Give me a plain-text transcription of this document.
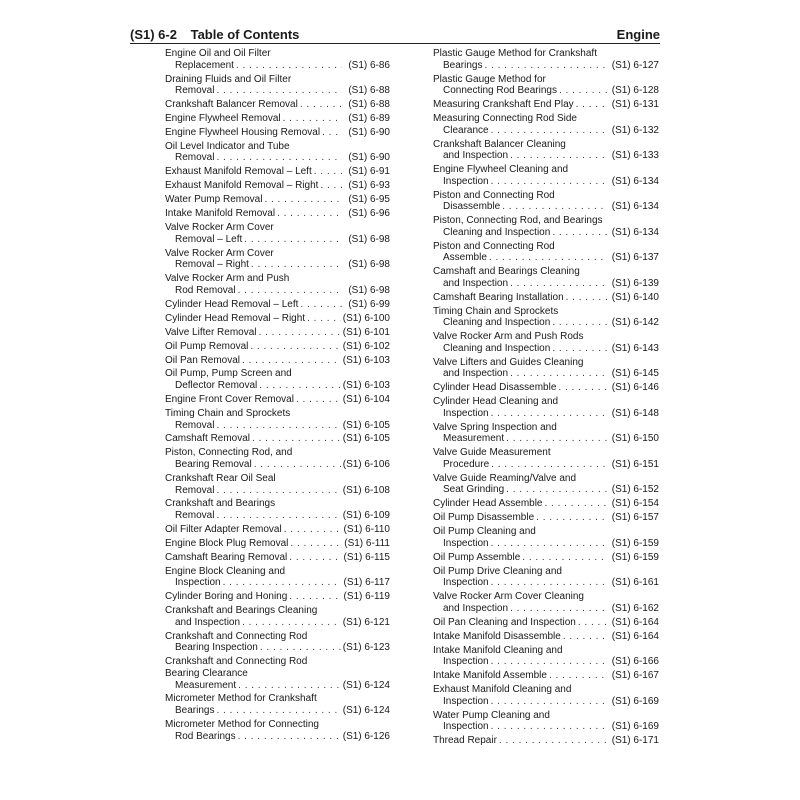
(S1) 6-2 Table of Contents	Engine
Engine Oil and Oil Filter
Replacement . . .	(S1) 6-86
Draining Fluids and Oil Filter
Removal . . .	(S1) 6-88
Crankshaft Balancer Removal . . .	(S1) 6-88
Engine Flywheel Removal . . .	(S1) 6-89
Engine Flywheel Housing Removal . . .	(S1) 6-90
Oil Level Indicator and Tube
Removal . . .	(S1) 6-90
Exhaust Manifold Removal – Left . . .	(S1) 6-91
Exhaust Manifold Removal – Right . . .	(S1) 6-93
Water Pump Removal . . .	(S1) 6-95
Intake Manifold Removal . . .	(S1) 6-96
Valve Rocker Arm Cover
Removal – Left . . .	(S1) 6-98
Valve Rocker Arm Cover
Removal – Right . . .	(S1) 6-98
Valve Rocker Arm and Push
Rod Removal . . .	(S1) 6-98
Cylinder Head Removal – Left . . .	(S1) 6-99
Cylinder Head Removal – Right . . .	(S1) 6-100
Valve Lifter Removal . . .	(S1) 6-101
Oil Pump Removal . . .	(S1) 6-102
Oil Pan Removal . . .	(S1) 6-103
Oil Pump, Pump Screen and
Deflector Removal . . .	(S1) 6-103
Engine Front Cover Removal . . .	(S1) 6-104
Timing Chain and Sprockets
Removal . . .	(S1) 6-105
Camshaft Removal . . .	(S1) 6-105
Piston, Connecting Rod, and
Bearing Removal . . .	(S1) 6-106
Crankshaft Rear Oil Seal
Removal . . .	(S1) 6-108
Crankshaft and Bearings
Removal . . .	(S1) 6-109
Oil Filter Adapter Removal . . .	(S1) 6-110
Engine Block Plug Removal . . .	(S1) 6-111
Camshaft Bearing Removal . . .	(S1) 6-115
Engine Block Cleaning and
Inspection . . .	(S1) 6-117
Cylinder Boring and Honing . . .	(S1) 6-119
Crankshaft and Bearings Cleaning
and Inspection . . .	(S1) 6-121
Crankshaft and Connecting Rod
Bearing Inspection . . .	(S1) 6-123
Crankshaft and Connecting Rod
Bearing Clearance
Measurement . . .	(S1) 6-124
Micrometer Method for Crankshaft
Bearings . . .	(S1) 6-124
Micrometer Method for Connecting
Rod Bearings . . .	(S1) 6-126
Plastic Gauge Method for Crankshaft
Bearings . . .	(S1) 6-127
Plastic Gauge Method for
Connecting Rod Bearings . . .	(S1) 6-128
Measuring Crankshaft End Play . . .	(S1) 6-131
Measuring Connecting Rod Side
Clearance . . .	(S1) 6-132
Crankshaft Balancer Cleaning
and Inspection . . .	(S1) 6-133
Engine Flywheel Cleaning and
Inspection . . .	(S1) 6-134
Piston and Connecting Rod
Disassemble . . .	(S1) 6-134
Piston, Connecting Rod, and Bearings
Cleaning and Inspection . . .	(S1) 6-134
Piston and Connecting Rod
Assemble . . .	(S1) 6-137
Camshaft and Bearings Cleaning
and Inspection . . .	(S1) 6-139
Camshaft Bearing Installation . . .	(S1) 6-140
Timing Chain and Sprockets
Cleaning and Inspection . . .	(S1) 6-142
Valve Rocker Arm and Push Rods
Cleaning and Inspection . . .	(S1) 6-143
Valve Lifters and Guides Cleaning
and Inspection . . .	(S1) 6-145
Cylinder Head Disassemble . . .	(S1) 6-146
Cylinder Head Cleaning and
Inspection . . .	(S1) 6-148
Valve Spring Inspection and
Measurement . . .	(S1) 6-150
Valve Guide Measurement
Procedure . . .	(S1) 6-151
Valve Guide Reaming/Valve and
Seat Grinding . . .	(S1) 6-152
Cylinder Head Assemble . . .	(S1) 6-154
Oil Pump Disassemble . . .	(S1) 6-157
Oil Pump Cleaning and
Inspection . . .	(S1) 6-159
Oil Pump Assemble . . .	(S1) 6-159
Oil Pump Drive Cleaning and
Inspection . . .	(S1) 6-161
Valve Rocker Arm Cover Cleaning
and Inspection . . .	(S1) 6-162
Oil Pan Cleaning and Inspection . . .	(S1) 6-164
Intake Manifold Disassemble . . .	(S1) 6-164
Intake Manifold Cleaning and
Inspection . . .	(S1) 6-166
Intake Manifold Assemble . . .	(S1) 6-167
Exhaust Manifold Cleaning and
Inspection . . .	(S1) 6-169
Water Pump Cleaning and
Inspection . . .	(S1) 6-169
Thread Repair . . .	(S1) 6-171
